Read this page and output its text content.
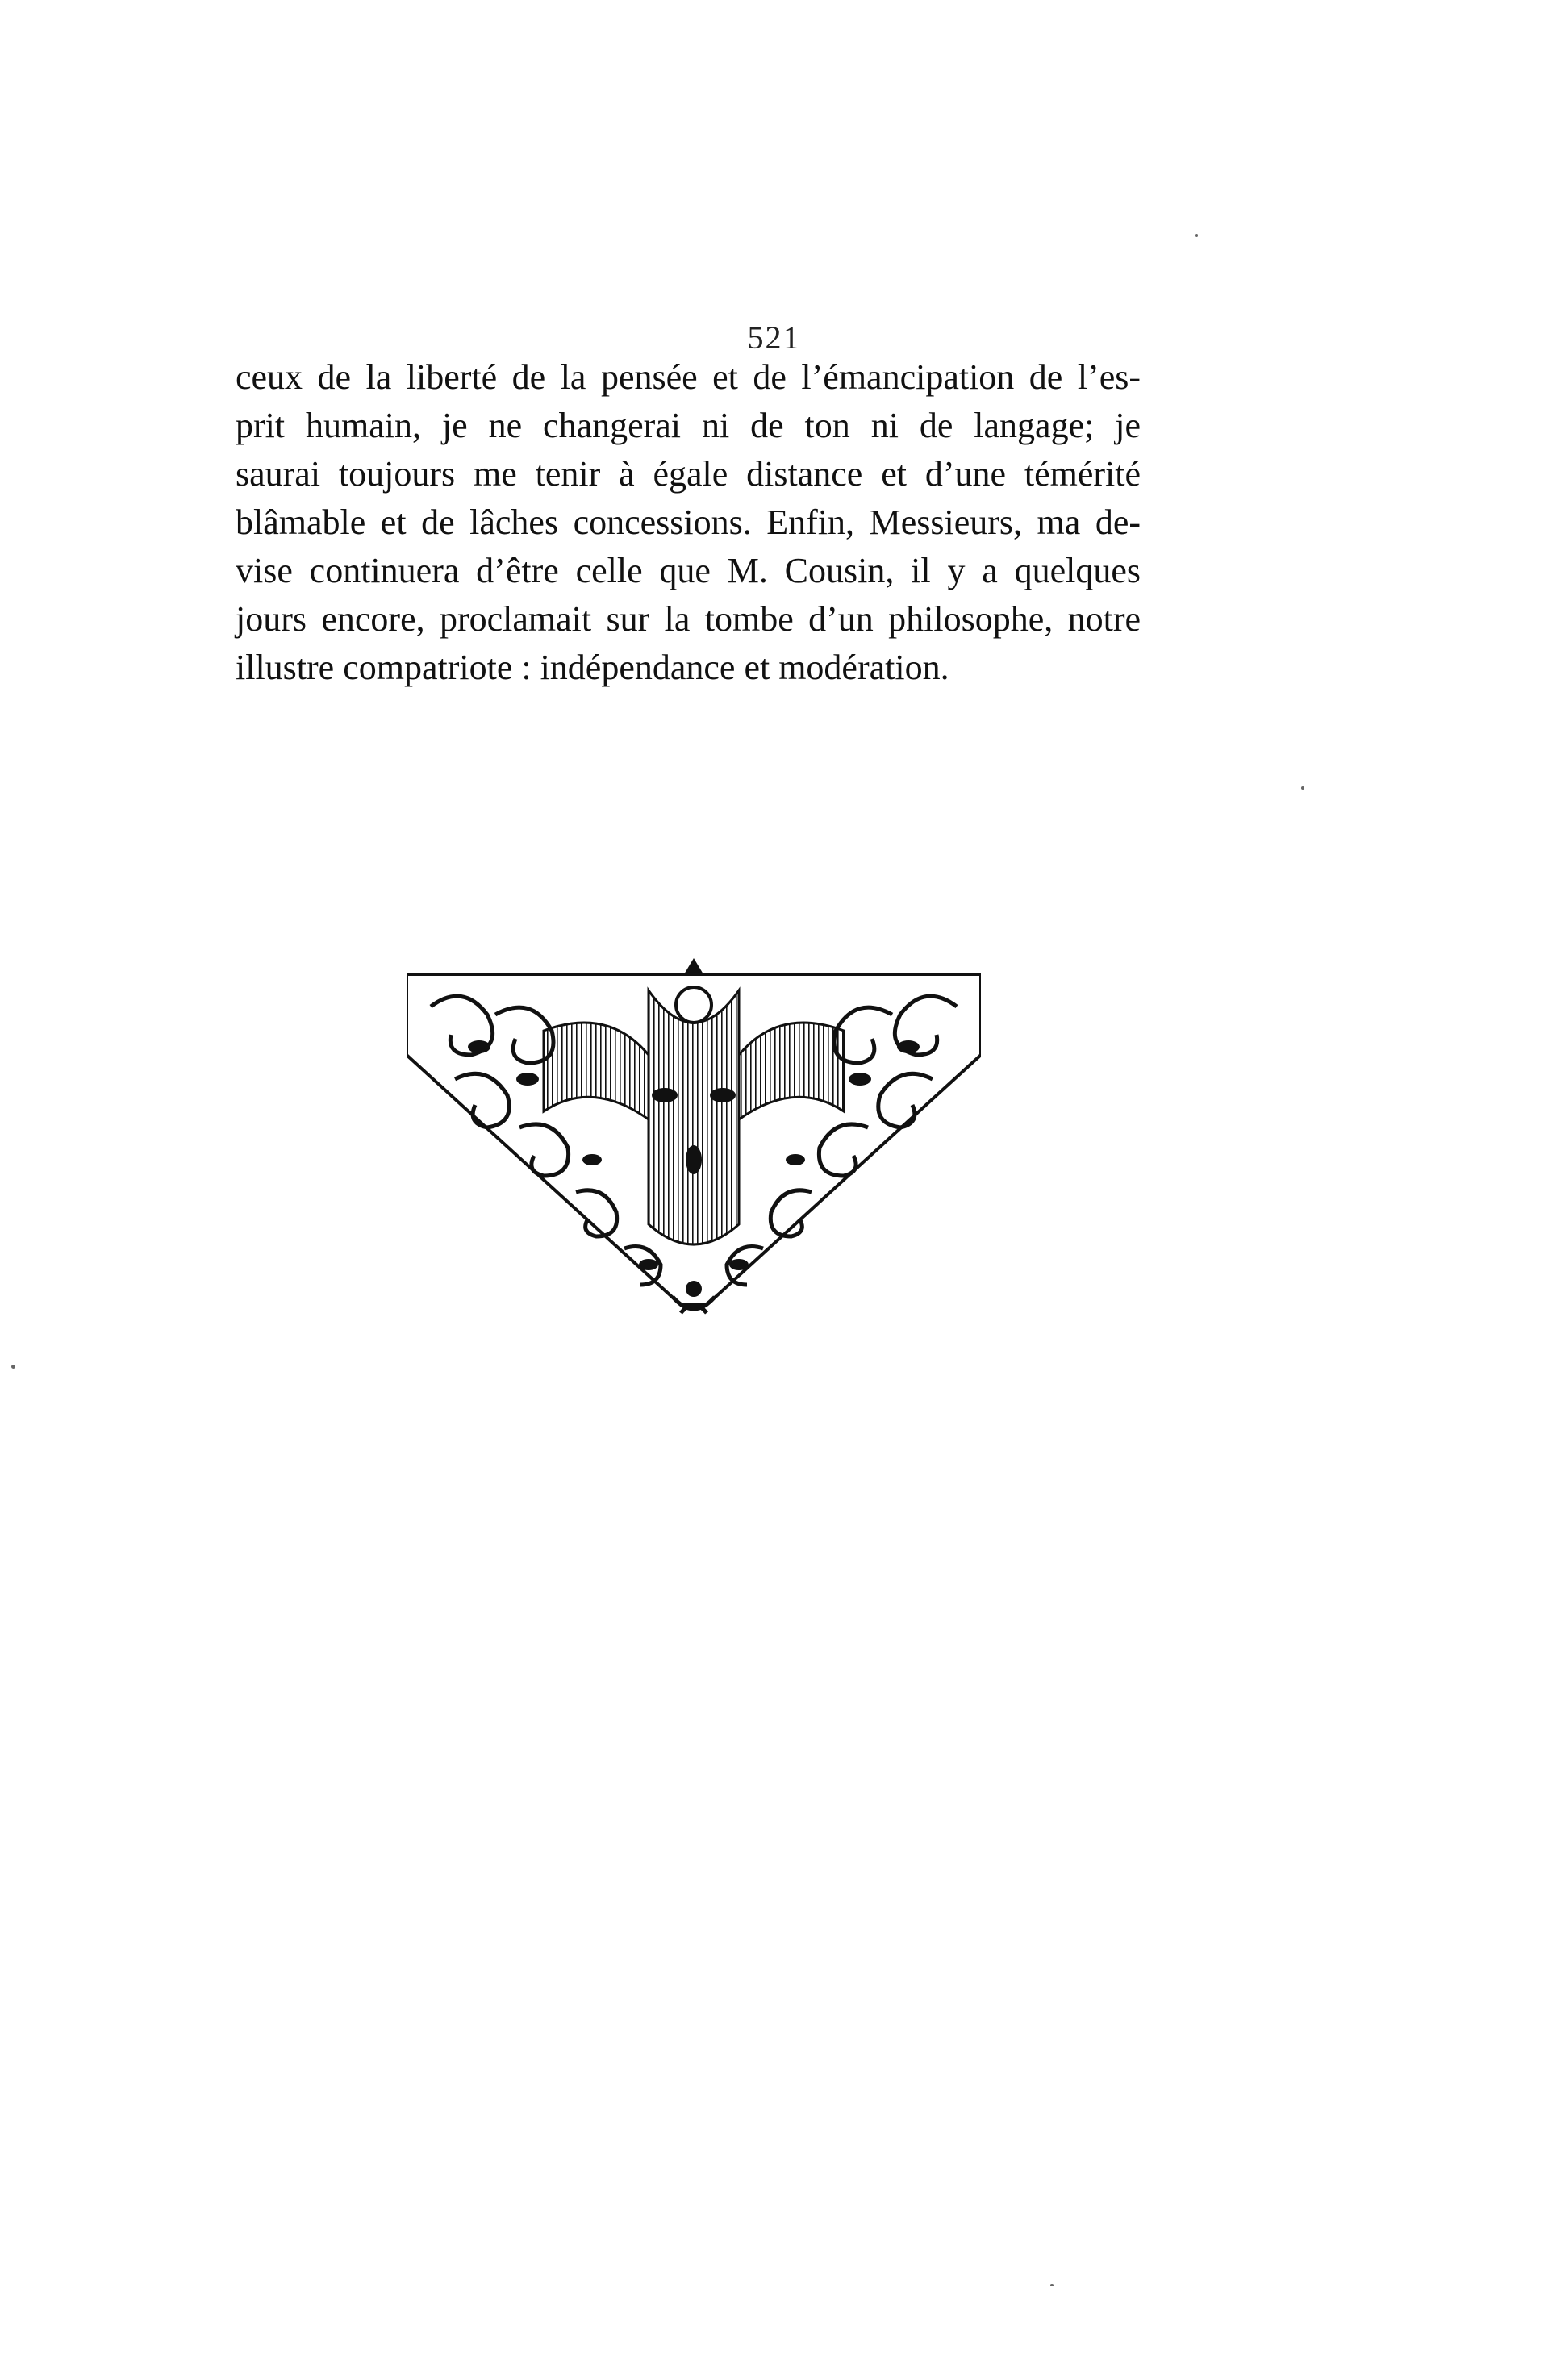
521
ceux de la liberté de la pensée et de l’émancipation de l’es-
prit humain, je ne changerai ni de ton ni de langage; je
saurai toujours me tenir à égale distance et d’une témérité
blâmable et de lâches concessions. Enfin, Messieurs, ma de-
vise continuera d’être celle que M. Cousin, il y a quelques
jours encore, proclamait sur la tombe d’un philosophe, notre
illustre compatriote : indépendance et modération.
